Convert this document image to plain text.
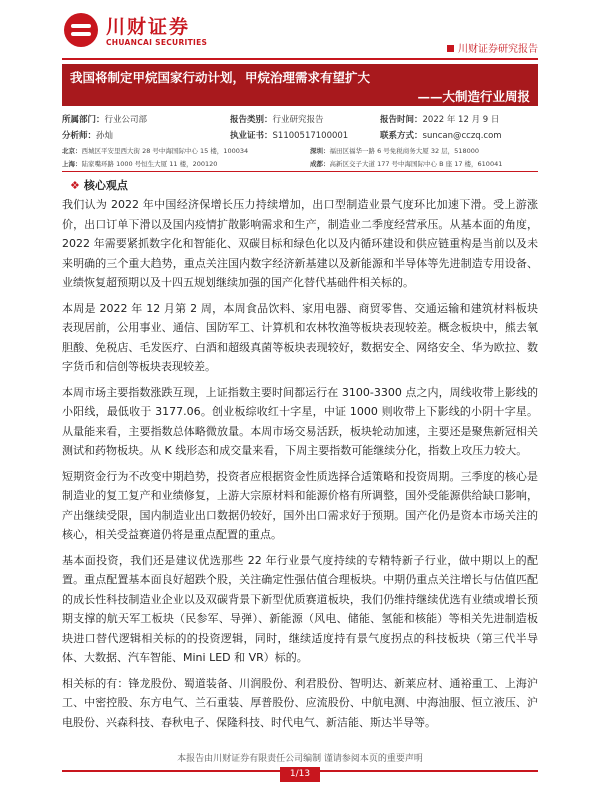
川财证券
CHUANCAI SECURITIES
川财证券研究报告
我国将制定甲烷国家行动计划，甲烷治理需求有望扩大
——大制造行业周报
所属部门：行业公司部	报告类别：行业研究报告	报告时间：2022 年 12 月 9 日
分析师：孙灿	执业证书：S1100517100001	联系方式：suncan@cczq.com
北京：西城区平安里西大街 28 号中海国际中心 15 楼，100034	深圳：福田区福华一路 6 号免税商务大厦 32 层，518000
上海：陆家嘴环路 1000 号恒生大厦 11 楼，200120	成都：高新区交子大道 177 号中海国际中心 B 座 17 楼，610041
❖ 核心观点

我们认为 2022 年中国经济保增长压力持续增加，出口型制造业景气度环比加速下滑。受上游涨价，出口订单下滑以及国内疫情扩散影响需求和生产，制造业二季度经营承压。从基本面的角度，2022 年需要紧抓数字化和智能化、双碳目标和绿色化以及内循环建设和供应链重构是当前以及未来明确的三个重大趋势，重点关注国内数字经济新基建以及新能源和半导体等先进制造专用设备、业绩恢复超预期以及十四五规划继续加强的国产化替代基础件相关标的。

本周是 2022 年 12 月第 2 周，本周食品饮料、家用电器、商贸零售、交通运输和建筑材料板块表现居前，公用事业、通信、国防军工、计算机和农林牧渔等板块表现较差。概念板块中，熊去氧胆酸、免税店、毛发医疗、白酒和超级真菌等板块表现较好，数据安全、网络安全、华为欧拉、数字货币和信创等板块表现较差。

本周市场主要指数涨跌互现，上证指数主要时间都运行在 3100-3300 点之内，周线收带上影线的小阳线，最低收于 3177.06。创业板综收红十字星，中证 1000 则收带上下影线的小阴十字星。从量能来看，主要指数总体略微放量。本周市场交易活跃，板块轮动加速，主要还是聚焦新冠相关测试和药物板块。从 K 线形态和成交量来看，下周主要指数可能继续分化，指数上攻压力较大。

短期资金行为不改变中期趋势，投资者应根据资金性质选择合适策略和投资周期。三季度的核心是制造业的复工复产和业绩修复，上游大宗原材料和能源价格有所调整，国外受能源供给缺口影响，产出继续受限，国内制造业出口数据仍较好，国外出口需求好于预期。国产化仍是资本市场关注的核心，相关受益赛道仍将是重点配置的重点。

基本面投资，我们还是建议优选那些 22 年行业景气度持续的专精特新子行业，做中期以上的配置。重点配置基本面良好超跌个股，关注确定性强估值合理板块。中期仍重点关注增长与估值匹配的成长性科技制造业企业以及双碳背景下新型优质赛道板块，我们仍维持继续优选有业绩或增长预期支撑的航天军工板块（民参军、导弹）、新能源（风电、储能、氢能和核能）等相关先进制造板块进口替代逻辑相关标的的投资逻辑，同时，继续适度持有景气度拐点的科技板块（第三代半导体、大数据、汽车智能、Mini LED 和 VR）标的。

相关标的有：锋龙股份、蜀道装备、川润股份、利君股份、智明达、新莱应材、通裕重工、上海沪工、中密控股、东方电气、兰石重装、厚普股份、应流股份、中航电测、中海油服、恒立液压、沪电股份、兴森科技、春秋电子、保隆科技、时代电气、新洁能、斯达半导等。

本报告由川财证券有限责任公司编制 谨请参阅本页的重要声明
1/13
